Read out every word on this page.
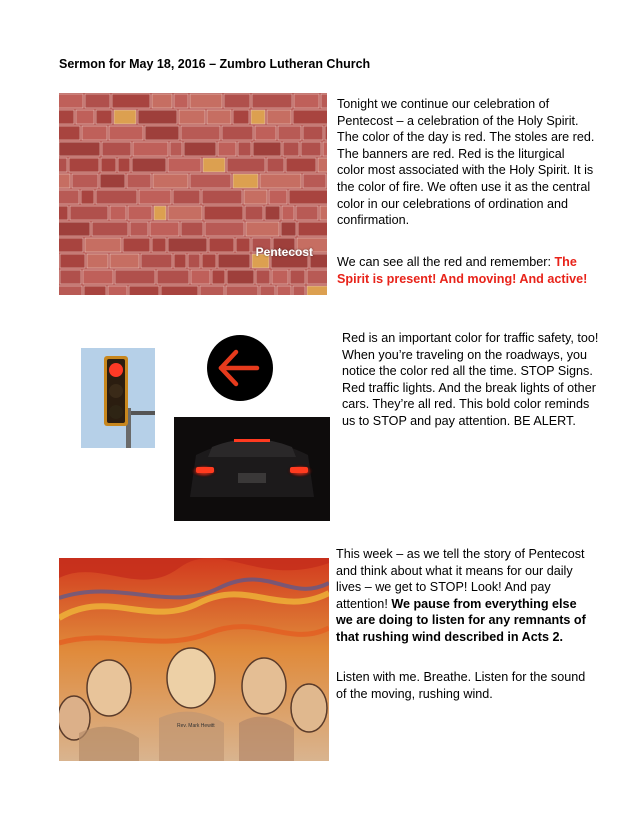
Sermon for May 18, 2016 – Zumbro Lutheran Church
Pentecost

Tonight we continue our celebration of Pentecost – a celebration of the Holy Spirit. The color of the day is red. The stoles are red. The banners are red. Red is the liturgical color most associated with the Holy Spirit. It is the color of fire. We often use it as the central color in our celebrations of ordination and confirmation.

We can see all the red and remember: The Spirit is present! And moving! And active!

Red is an important color for traffic safety, too! When you’re traveling on the roadways, you notice the color red all the time. STOP Signs. Red traffic lights. And the break lights of other cars. They’re all red. This bold color reminds us to STOP and pay attention. BE ALERT.

Rev. Mark Hewitt

This week – as we tell the story of Pentecost and think about what it means for our daily lives – we get to STOP! Look! And pay attention! We pause from everything else we are doing to listen for any remnants of that rushing wind described in Acts 2.

Listen with me. Breathe. Listen for the sound of the moving, rushing wind.
